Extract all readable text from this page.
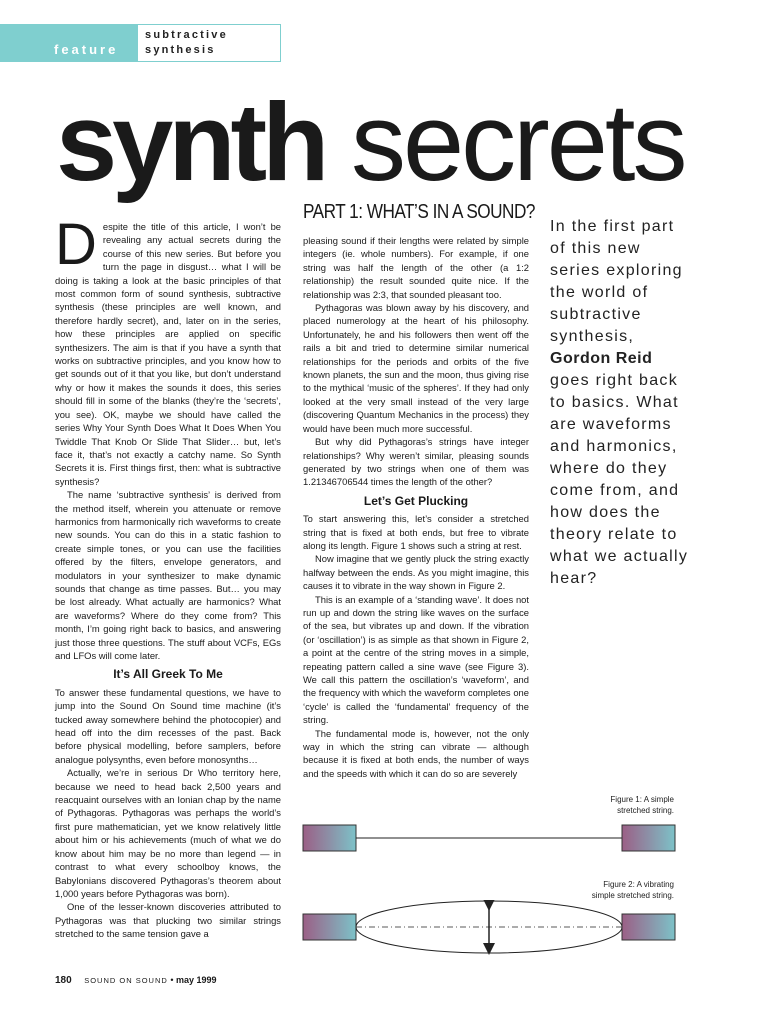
feature
subtractive
synthesis
synth secrets
PART 1: WHAT’S IN A SOUND?

Despite the title of this article, I won’t be revealing any actual secrets during the course of this new series. But before you turn the page in disgust… what I will be doing is taking a look at the basic principles of that most common form of sound synthesis, subtractive synthesis (these principles are well known, and therefore hardly secret), and, later on in the series, how these principles are applied on specific synthesizers. The aim is that if you have a synth that works on subtractive principles, and you know how to get sounds out of it that you like, but don’t understand why or how it makes the sounds it does, this series should fill in some of the blanks (they’re the ‘secrets’, you see). OK, maybe we should have called the series Why Your Synth Does What It Does When You Twiddle That Knob Or Slide That Slider… but, let’s face it, that’s not exactly a catchy name. So Synth Secrets it is. First things first, then: what is subtractive synthesis?

The name ‘subtractive synthesis’ is derived from the method itself, wherein you attenuate or remove harmonics from harmonically rich waveforms to create new sounds. You can do this in a static fashion to create simple tones, or you can use the facilities offered by the filters, envelope generators, and modulators in your synthesizer to make dynamic sounds that change as time passes. But… you may be lost already. What actually are harmonics? What are waveforms? Where do they come from? This month, I’m going right back to basics, and answering just those three questions. The stuff about VCFs, EGs and LFOs will come later.

It’s All Greek To Me

To answer these fundamental questions, we have to jump into the Sound On Sound time machine (it’s tucked away somewhere behind the photocopier) and head off into the dim recesses of the past. Back before physical modelling, before samplers, before analogue polysynths, even before monosynths…

Actually, we’re in serious Dr Who territory here, because we need to head back 2,500 years and reacquaint ourselves with an Ionian chap by the name of Pythagoras. Pythagoras was perhaps the world’s first pure mathematician, yet we know relatively little about him or his achievements (much of what we do know about him may be no more than legend — in contrast to what every schoolboy knows, the Babylonians discovered Pythagoras’s theorem about 1,000 years before Pythagoras was born).

One of the lesser-known discoveries attributed to Pythagoras was that plucking two similar strings stretched to the same tension gave a

pleasing sound if their lengths were related by simple integers (ie. whole numbers). For example, if one string was half the length of the other (a 1:2 relationship) the result sounded quite nice. If the relationship was 2:3, that sounded pleasant too.

Pythagoras was blown away by his discovery, and placed numerology at the heart of his philosophy. Unfortunately, he and his followers then went off the rails a bit and tried to determine similar numerical relationships for the periods and orbits of the five known planets, the sun and the moon, thus giving rise to the mythical ‘music of the spheres’. If they had only looked at the very small instead of the very large (discovering Quantum Mechanics in the process) they would have been much more successful.

But why did Pythagoras’s strings have integer relationships? Why weren’t similar, pleasing sounds generated by two strings when one of them was 1.21346706544 times the length of the other?

Let’s Get Plucking

To start answering this, let’s consider a stretched string that is fixed at both ends, but free to vibrate along its length. Figure 1 shows such a string at rest.

Now imagine that we gently pluck the string exactly halfway between the ends. As you might imagine, this causes it to vibrate in the way shown in Figure 2.

This is an example of a ‘standing wave’. It does not run up and down the string like waves on the surface of the sea, but vibrates up and down. If the vibration (or ‘oscillation’) is as simple as that shown in Figure 2, a point at the centre of the string moves in a simple, repeating pattern called a sine wave (see Figure 3). We call this pattern the oscillation’s ‘waveform’, and the frequency with which the waveform completes one ‘cycle’ is called the ‘fundamental’ frequency of the string.

The fundamental mode is, however, not the only way in which the string can vibrate — although because it is fixed at both ends, the number of ways and the speeds with which it can do so are severely

In the first part of this new series exploring the world of subtractive synthesis,
Gordon Reid
goes right back to basics. What are waveforms and harmonics, where do they come from, and how does the theory relate to what we actually hear?
Figure 1: A simple
stretched string.
Figure 2: A vibrating
simple stretched string.
180 SOUND ON SOUND • may 1999
